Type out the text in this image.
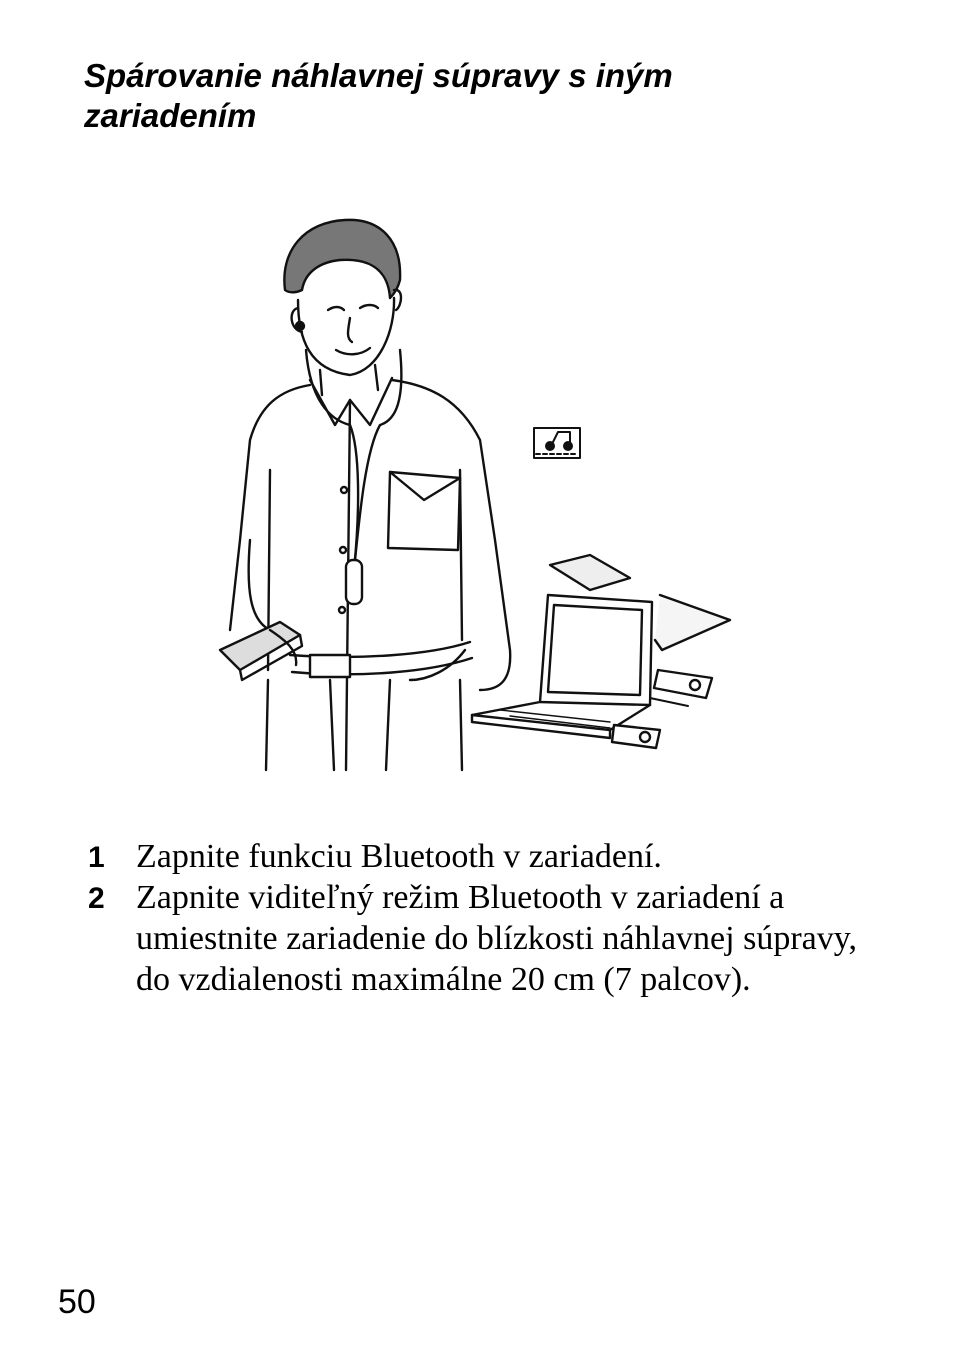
Spárovanie náhlavnej súpravy s iným zariadením
1 Zapnite funkciu Bluetooth v zariadení.

2 Zapnite viditeľný režim Bluetooth v zariadení a umiestnite zariadenie do blízkosti náhlavnej súpravy, do vzdialenosti maximálne 20 cm (7 palcov).

50
